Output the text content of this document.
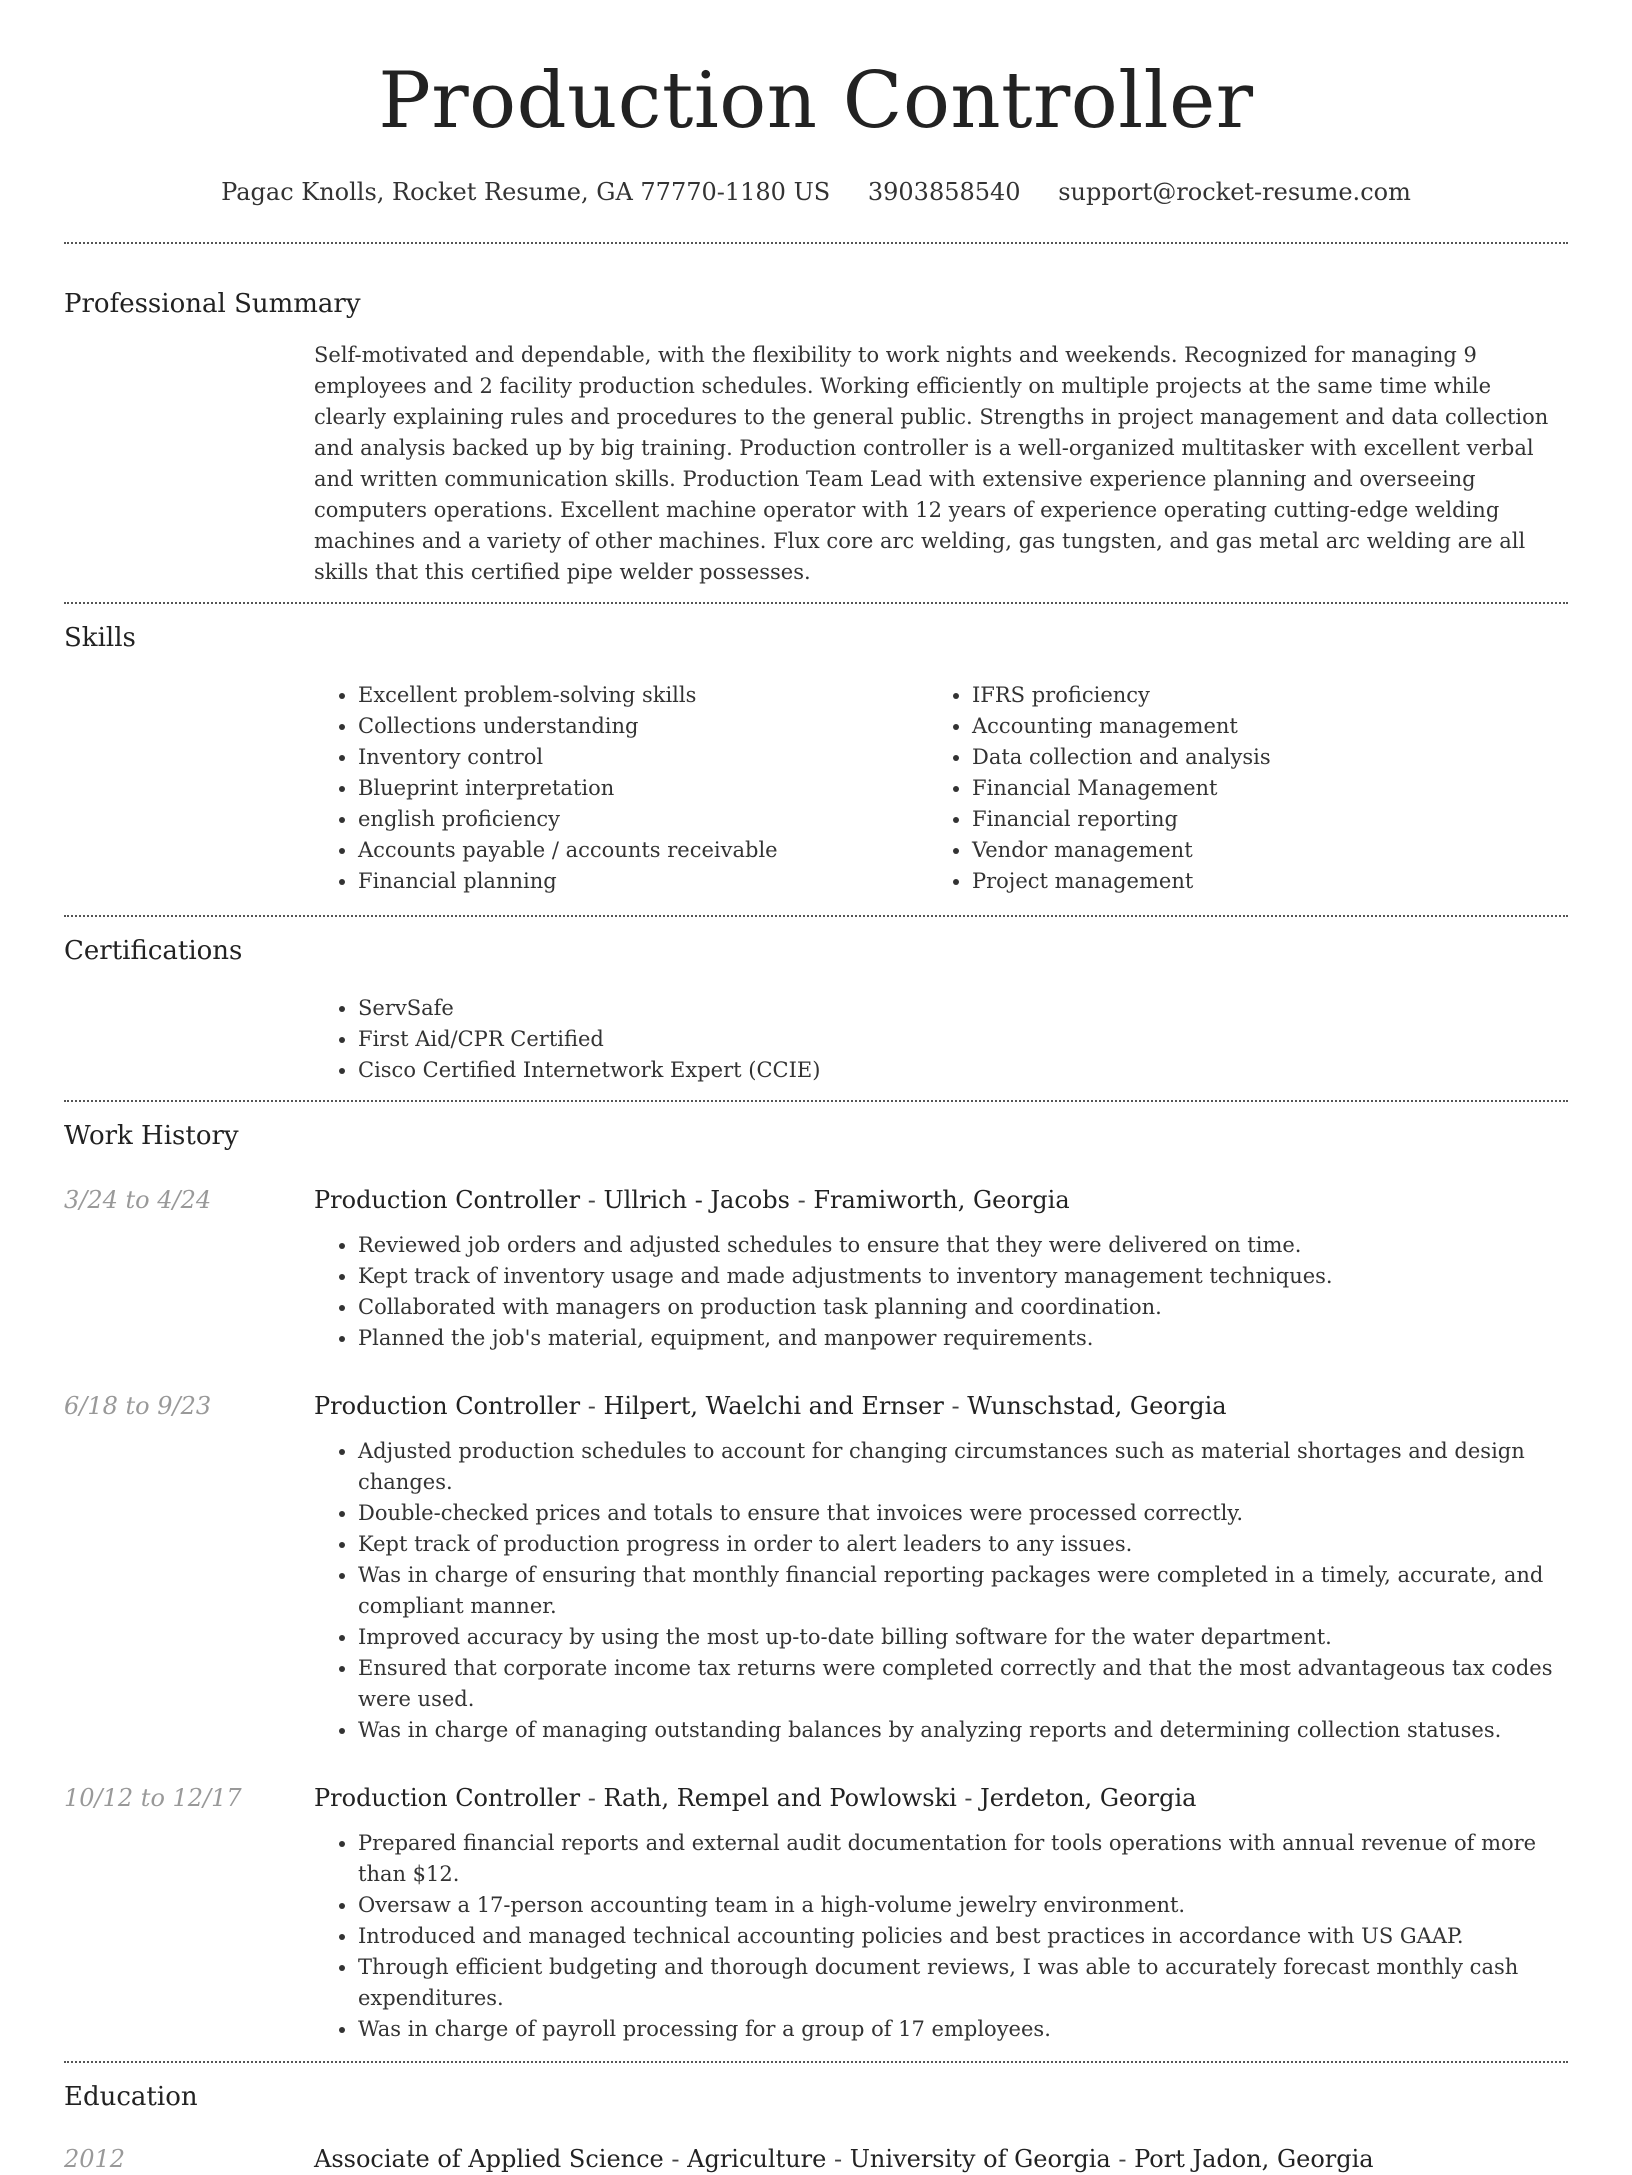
Production Controller
Pagac Knolls, Rocket Resume, GA 77770-1180 US 3903858540 support@rocket-resume.com
Professional Summary
Self-motivated and dependable, with the flexibility to work nights and weekends. Recognized for managing 9 employees and 2 facility production schedules. Working efficiently on multiple projects at the same time while clearly explaining rules and procedures to the general public. Strengths in project management and data collection and analysis backed up by big training. Production controller is a well-organized multitasker with excellent verbal and written communication skills. Production Team Lead with extensive experience planning and overseeing computers operations. Excellent machine operator with 12 years of experience operating cutting-edge welding machines and a variety of other machines. Flux core arc welding, gas tungsten, and gas metal arc welding are all skills that this certified pipe welder possesses.
Skills
• Excellent problem-solving skills
• Collections understanding
• Inventory control
• Blueprint interpretation
• english proficiency
• Accounts payable / accounts receivable
• Financial planning
• IFRS proficiency
• Accounting management
• Data collection and analysis
• Financial Management
• Financial reporting
• Vendor management
• Project management
Certifications
• ServSafe
• First Aid/CPR Certified
• Cisco Certified Internetwork Expert (CCIE)
Work History
3/24 to 4/24	Production Controller - Ullrich - Jacobs - Framiworth, Georgia
• Reviewed job orders and adjusted schedules to ensure that they were delivered on time.
• Kept track of inventory usage and made adjustments to inventory management techniques.
• Collaborated with managers on production task planning and coordination.
• Planned the job's material, equipment, and manpower requirements.
6/18 to 9/23	Production Controller - Hilpert, Waelchi and Ernser - Wunschstad, Georgia
• Adjusted production schedules to account for changing circumstances such as material shortages and design changes.
• Double-checked prices and totals to ensure that invoices were processed correctly.
• Kept track of production progress in order to alert leaders to any issues.
• Was in charge of ensuring that monthly financial reporting packages were completed in a timely, accurate, and compliant manner.
• Improved accuracy by using the most up-to-date billing software for the water department.
• Ensured that corporate income tax returns were completed correctly and that the most advantageous tax codes were used.
• Was in charge of managing outstanding balances by analyzing reports and determining collection statuses.
10/12 to 12/17	Production Controller - Rath, Rempel and Powlowski - Jerdeton, Georgia
• Prepared financial reports and external audit documentation for tools operations with annual revenue of more than $12.
• Oversaw a 17-person accounting team in a high-volume jewelry environment.
• Introduced and managed technical accounting policies and best practices in accordance with US GAAP.
• Through efficient budgeting and thorough document reviews, I was able to accurately forecast monthly cash expenditures.
• Was in charge of payroll processing for a group of 17 employees.
Education
2012	Associate of Applied Science - Agriculture - University of Georgia - Port Jadon, Georgia
